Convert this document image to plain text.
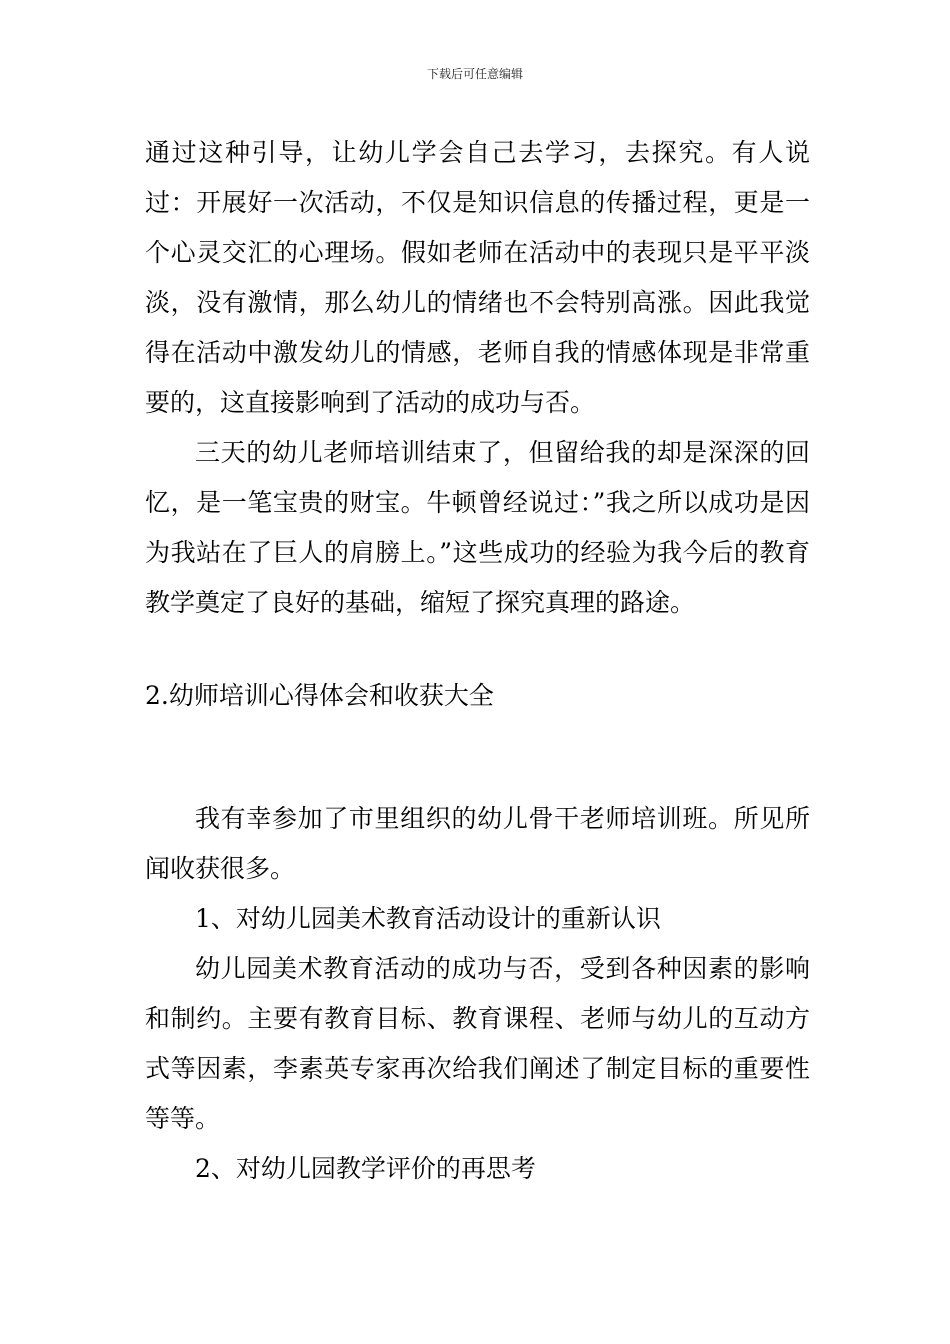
下载后可任意编辑

通过这种引导，让幼儿学会自己去学习，去探究。有人说过：开展好一次活动，不仅是知识信息的传播过程，更是一个心灵交汇的心理场。假如老师在活动中的表现只是平平淡淡，没有激情，那么幼儿的情绪也不会特别高涨。因此我觉得在活动中激发幼儿的情感，老师自我的情感体现是非常重要的，这直接影响到了活动的成功与否。

三天的幼儿老师培训结束了，但留给我的却是深深的回忆，是一笔宝贵的财宝。牛顿曾经说过：”我之所以成功是因为我站在了巨人的肩膀上。”这些成功的经验为我今后的教育教学奠定了良好的基础，缩短了探究真理的路途。

2.幼师培训心得体会和收获大全

我有幸参加了市里组织的幼儿骨干老师培训班。所见所闻收获很多。

1、对幼儿园美术教育活动设计的重新认识

幼儿园美术教育活动的成功与否，受到各种因素的影响和制约。主要有教育目标、教育课程、老师与幼儿的互动方式等因素，李素英专家再次给我们阐述了制定目标的重要性等等。

2、对幼儿园教学评价的再思考
